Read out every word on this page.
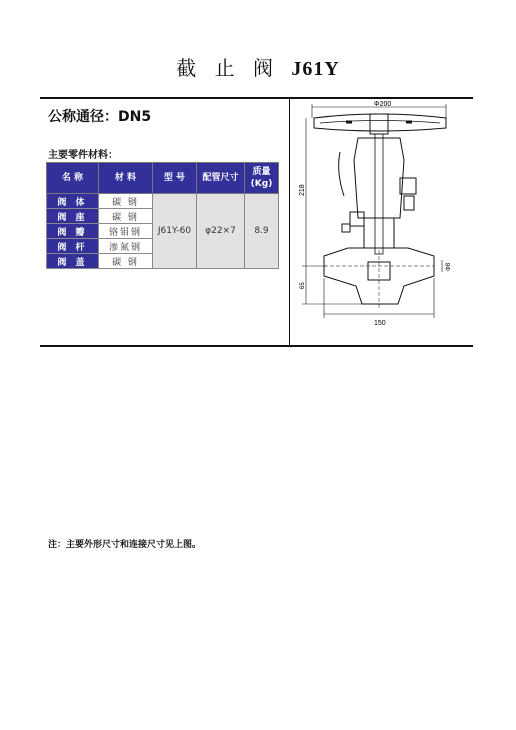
截 止 阀 J61Y
公称通径：DN5
主要零件材料：
名 称	材 料	型 号	配管尺寸	质量(Kg)
阀 体	碳 钢	J61Y-60	φ22×7	8.9
阀 座	碳 钢			
阀 瓣	铬钼钢			
阀 杆	渗氮钢			
阀 盖	碳 钢			
Φ200
218
65
150
Φ8
注：主要外形尺寸和连接尺寸见上图。
